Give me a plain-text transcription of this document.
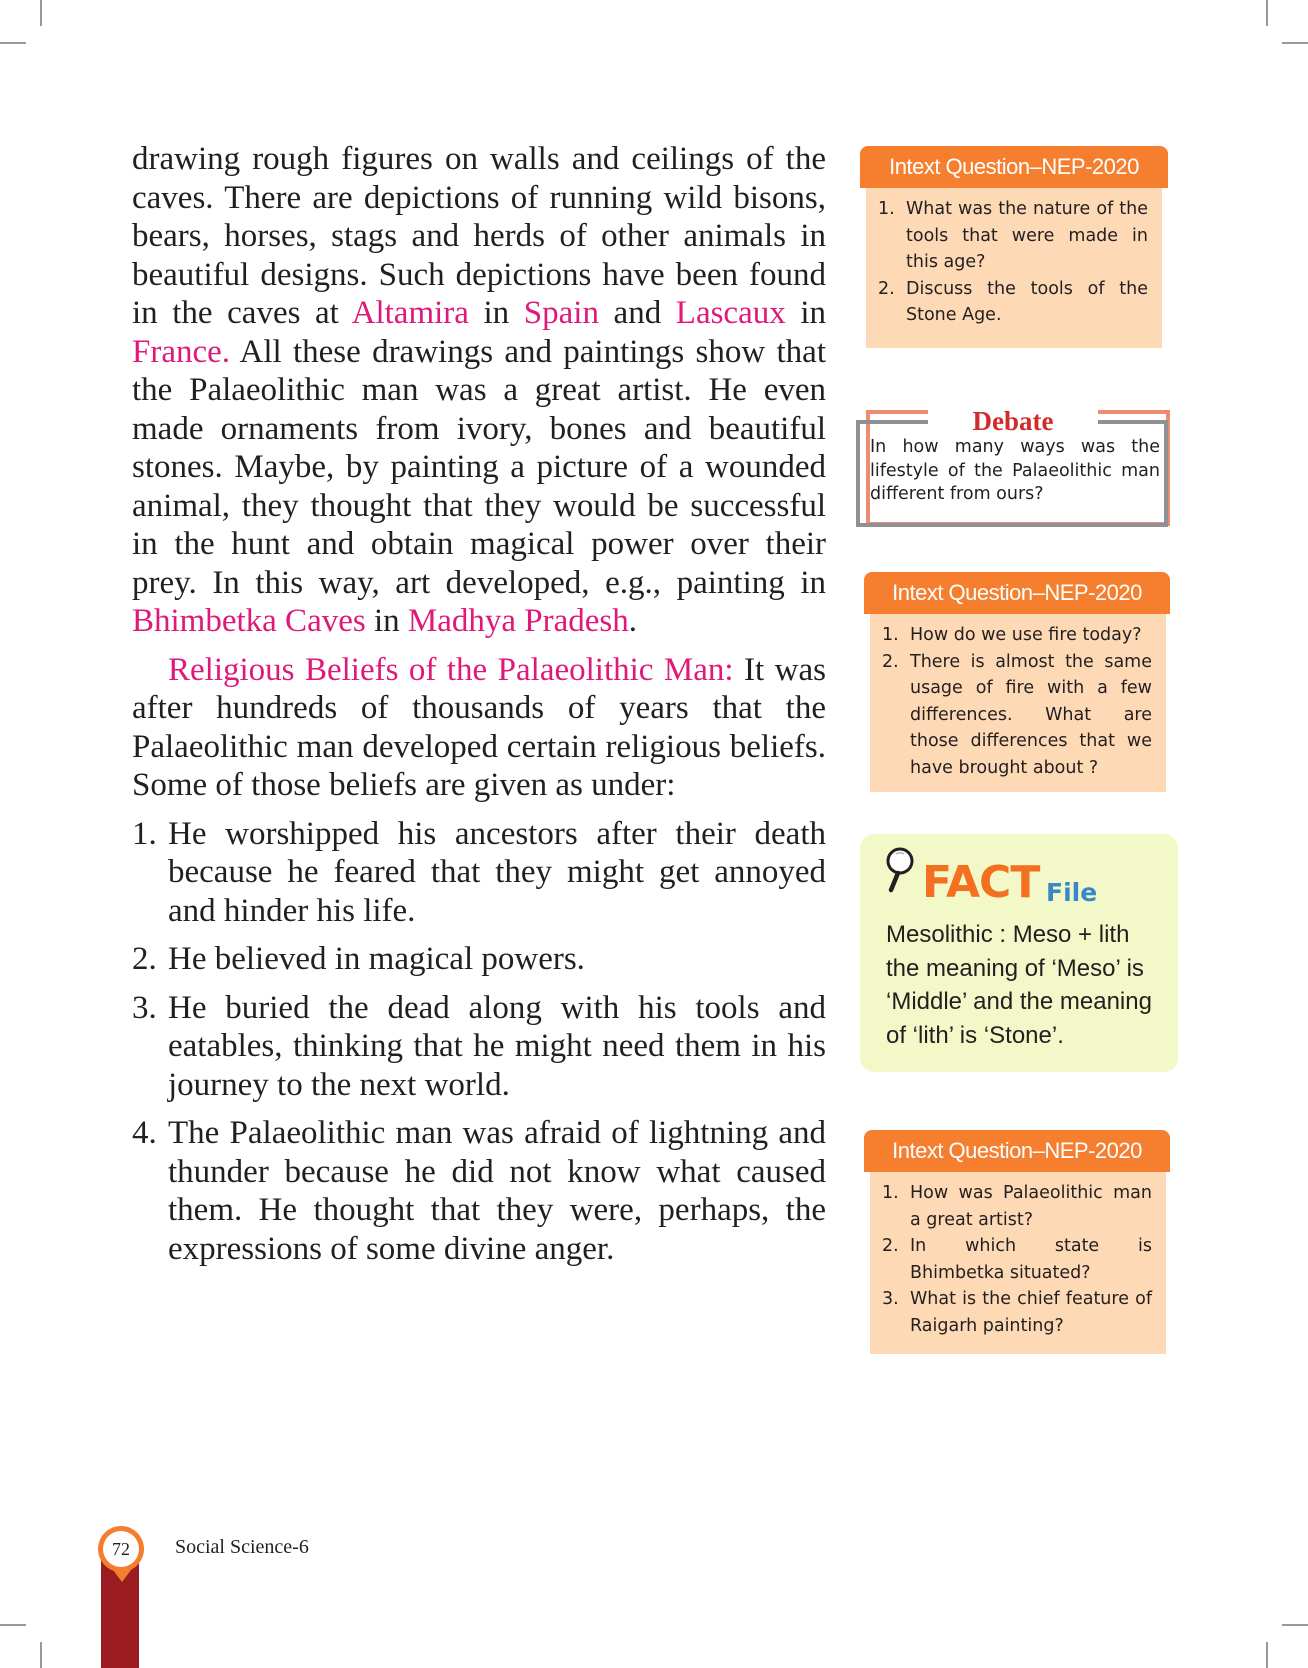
drawing rough figures on walls and ceilings of the caves. There are depictions of running wild bisons, bears, horses, stags and herds of other animals in beautiful designs. Such depictions have been found in the caves at Altamira in Spain and Lascaux in France. All these drawings and paintings show that the Palaeolithic man was a great artist. He even made ornaments from ivory, bones and beautiful stones. Maybe, by painting a picture of a wounded animal, they thought that they would be successful in the hunt and obtain magical power over their prey. In this way, art developed, e.g., painting in Bhimbetka Caves in Madhya Pradesh.

Religious Beliefs of the Palaeolithic Man: It was after hundreds of thousands of years that the Palaeolithic man developed certain religious beliefs. Some of those beliefs are given as under:

1. He worshipped his ancestors after their death because he feared that they might get annoyed and hinder his life.
2. He believed in magical powers.
3. He buried the dead along with his tools and eatables, thinking that he might need them in his journey to the next world.
4. The Palaeolithic man was afraid of lightning and thunder because he did not know what caused them. He thought that they were, perhaps, the expressions of some divine anger.
Intext Question–NEP-2020
1. What was the nature of the tools that were made in this age?
2. Discuss the tools of the Stone Age.
Debate
In how many ways was the lifestyle of the Palaeolithic man different from ours?
Intext Question–NEP-2020
1. How do we use fire today?
2. There is almost the same usage of fire with a few differences. What are those differences that we have brought about ?
FACT File
Mesolithic : Meso + lith the meaning of ‘Meso’ is ‘Middle’ and the meaning of ‘lith’ is ‘Stone’.
Intext Question–NEP-2020
1. How was Palaeolithic man a great artist?
2. In which state is Bhimbetka situated?
3. What is the chief feature of Raigarh painting?
72	Social Science-6
